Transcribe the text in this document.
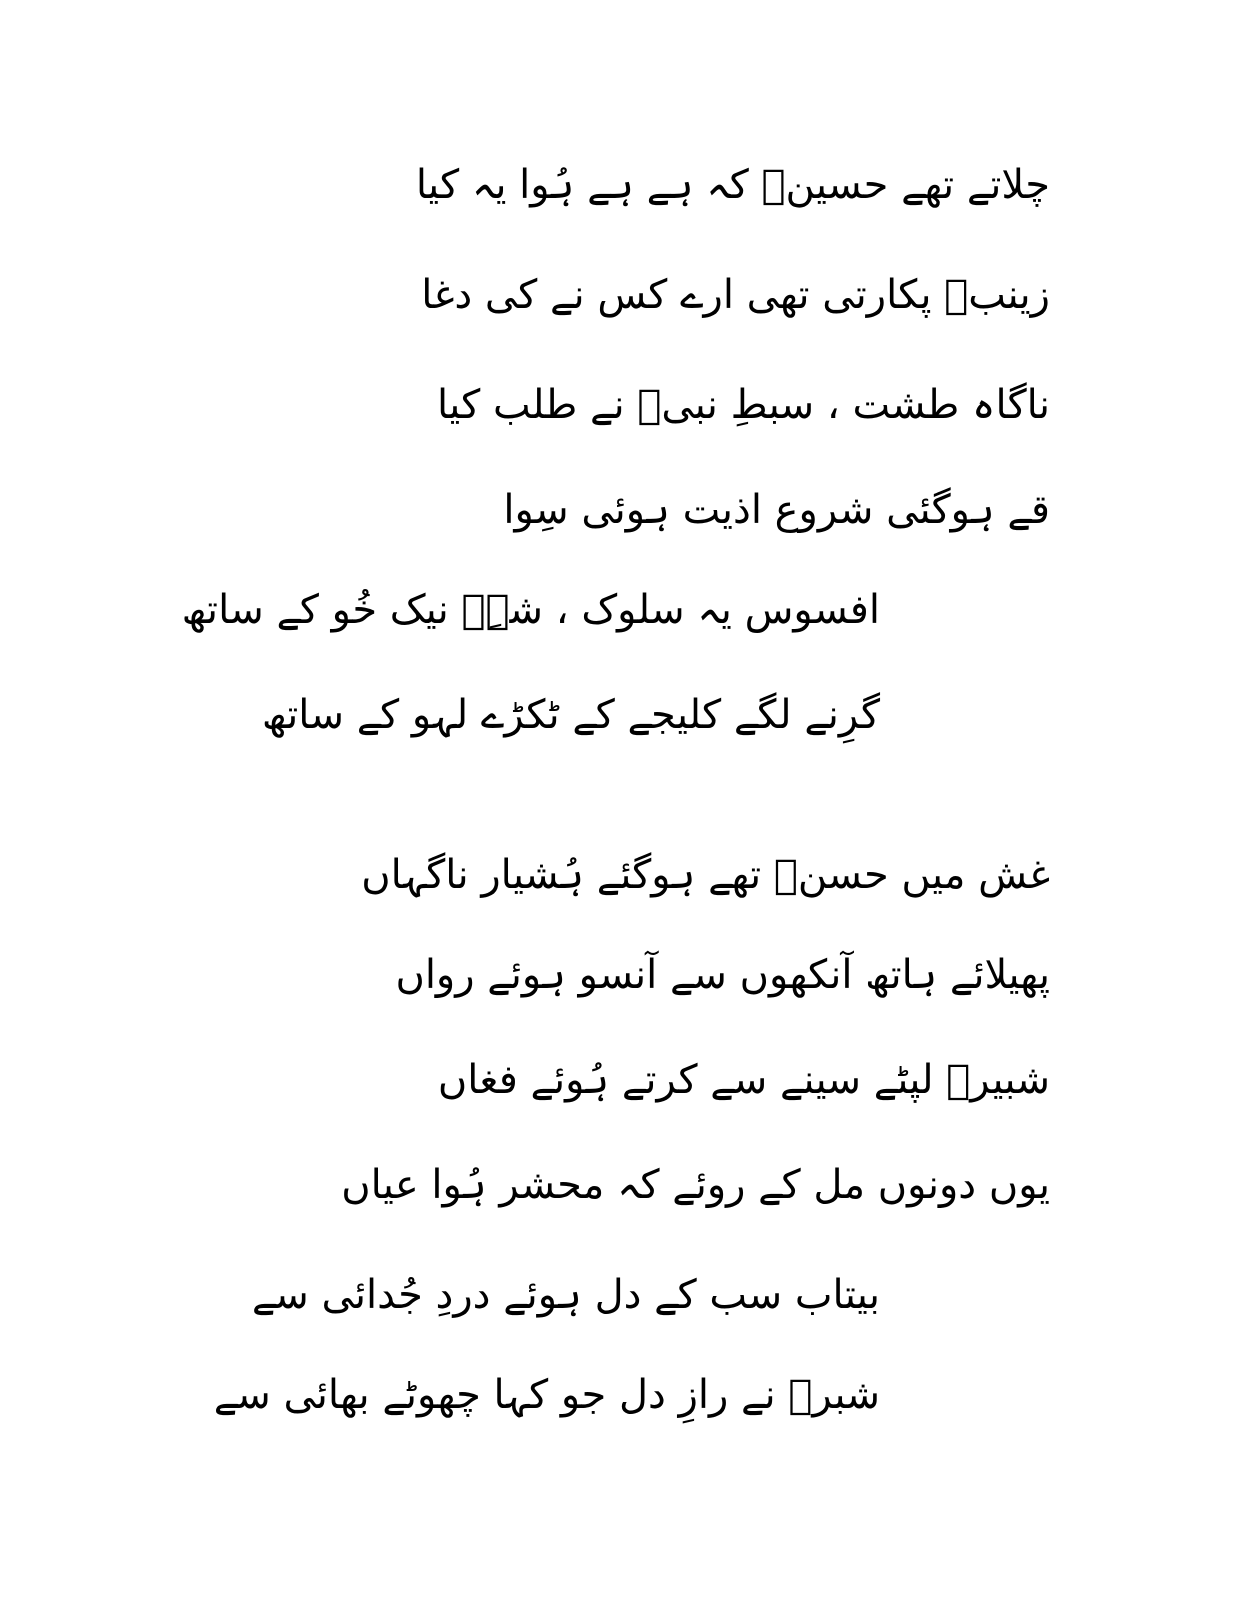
چلاتے تھے حسینؑ کہ ہے ہے ہُوا یہ کیا
زینبؑ پکارتی تھی ارے کس نے کی دغا
ناگاہ طشت ، سبطِ نبیؐ نے طلب کیا
قے ہوگئی شروع اذیت ہوئی سِوا
افسوس یہ سلوک ، شہِؑ نیک خُو کے ساتھ
گرِنے لگے کلیجے کے ٹکڑے لہو کے ساتھ
غش میں حسنؑ تھے ہوگئے ہُشیار ناگہاں
پھیلائے ہاتھ آنکھوں سے آنسو ہوئے رواں
شبیرؑ لپٹے سینے سے کرتے ہُوئے فغاں
یوں دونوں مل کے روئے کہ محشر ہُوا عیاں
بیتاب سب کے دل ہوئے دردِ جُدائی سے
شبرؑ نے رازِ دل جو کہا چھوٹے بھائی سے
